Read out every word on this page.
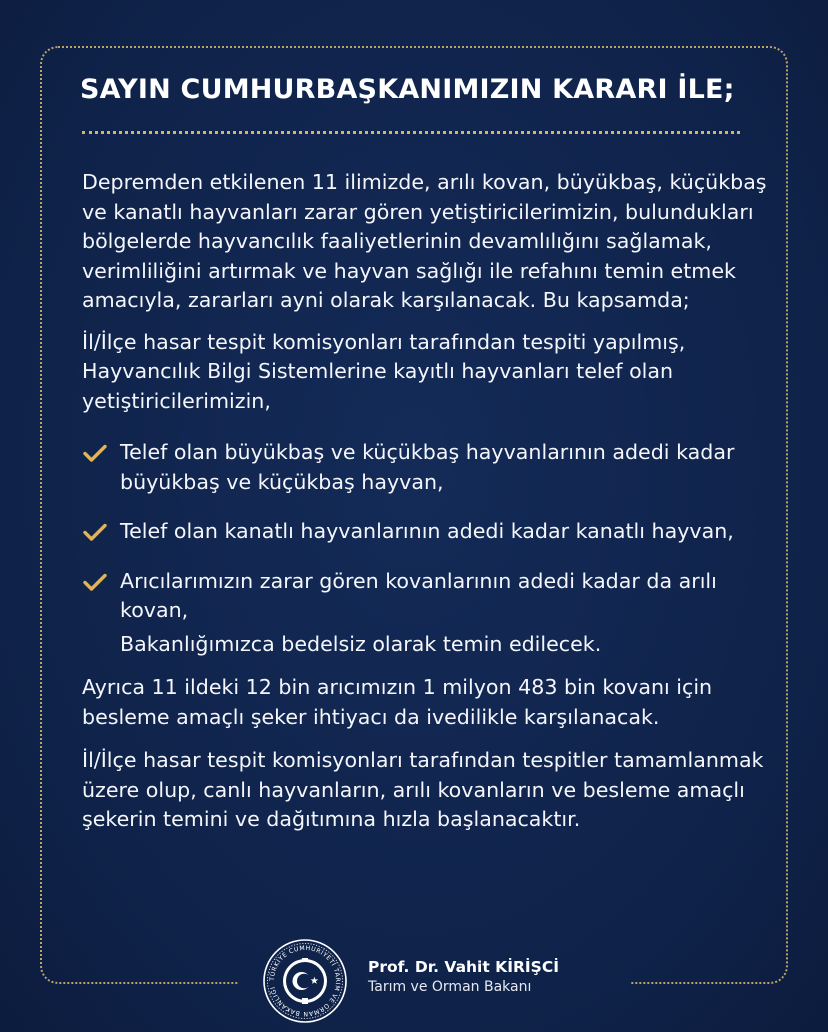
SAYIN CUMHURBAŞKANIMIZIN KARARI İLE;

Depremden etkilenen 11 ilimizde, arılı kovan, büyükbaş, küçükbaş ve kanatlı hayvanları zarar gören yetiştiricilerimizin, bulundukları bölgelerde hayvancılık faaliyetlerinin devamlılığını sağlamak, verimliliğini artırmak ve hayvan sağlığı ile refahını temin etmek amacıyla, zararları ayni olarak karşılanacak. Bu kapsamda;

İl/İlçe hasar tespit komisyonları tarafından tespiti yapılmış, Hayvancılık Bilgi Sistemlerine kayıtlı hayvanları telef olan yetiştiricilerimizin,

Telef olan büyükbaş ve küçükbaş hayvanlarının adedi kadar büyükbaş ve küçükbaş hayvan,
Telef olan kanatlı hayvanlarının adedi kadar kanatlı hayvan,
Arıcılarımızın zarar gören kovanlarının adedi kadar da arılı kovan,

Bakanlığımızca bedelsiz olarak temin edilecek.

Ayrıca 11 ildeki 12 bin arıcımızın 1 milyon 483 bin kovanı için besleme amaçlı şeker ihtiyacı da ivedilikle karşılanacak.

İl/İlçe hasar tespit komisyonları tarafından tespitler tamamlanmak üzere olup, canlı hayvanların, arılı kovanların ve besleme amaçlı şekerin temini ve dağıtımına hızla başlanacaktır.

TÜRKİYE CUMHURİYETİ TARIM VE ORMAN BAKANLIĞI
Prof. Dr. Vahit KİRİŞCİ
Tarım ve Orman Bakanı
